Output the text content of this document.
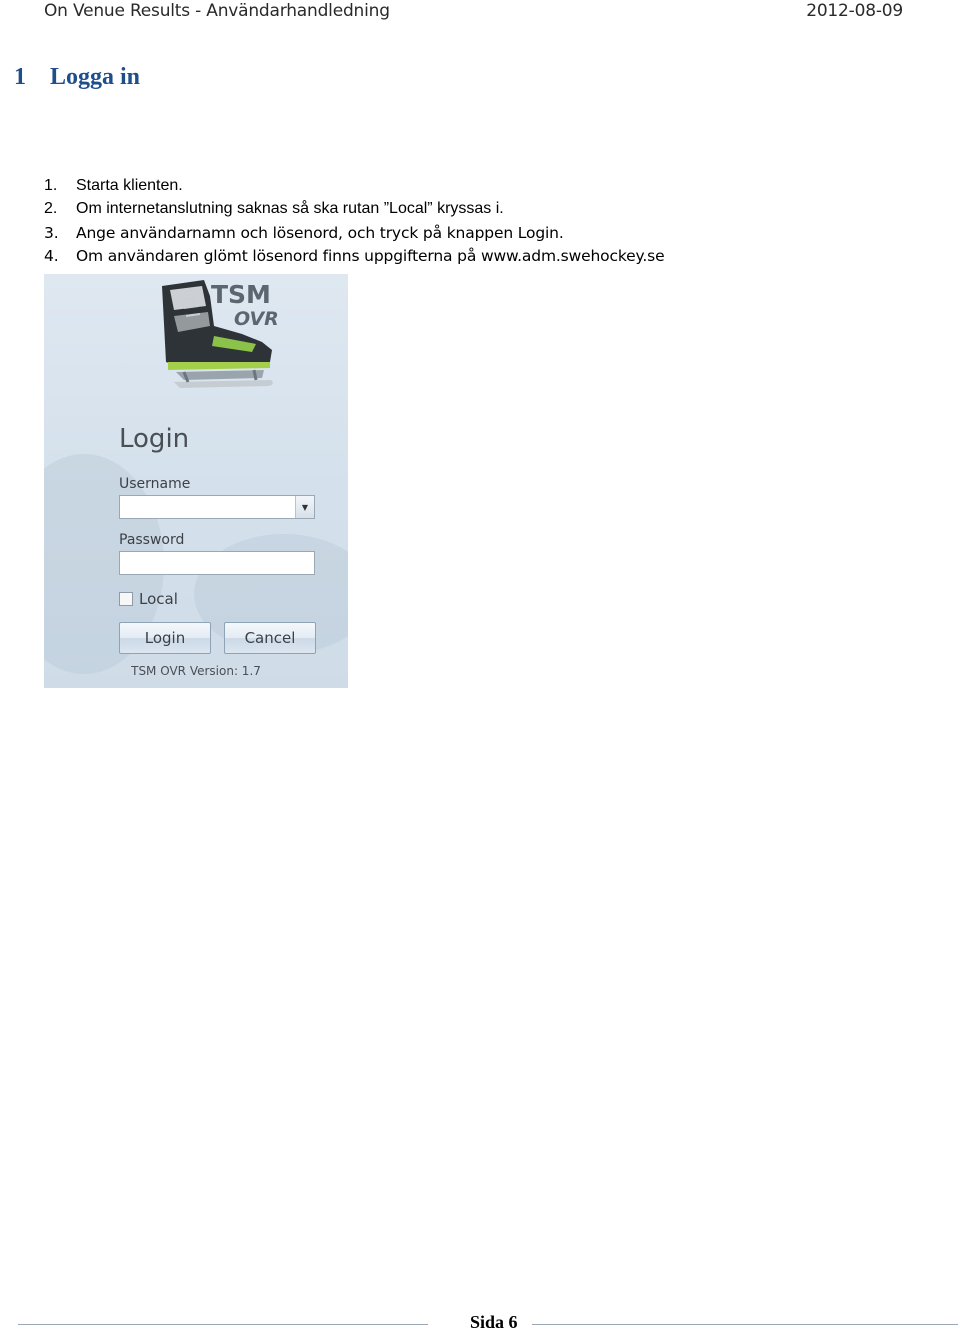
On Venue Results - Användarhandledning	2012-08-09
1 Logga in
1.	Starta klienten.
2.	Om internetanslutning saknas så ska rutan ”Local” kryssas i.
3.	Ange användarnamn och lösenord, och tryck på knappen Login.
4.	Om användaren glömt lösenord finns uppgifterna på www.adm.swehockey.se
TSM
OVR
Login
Username
▼
Password
Local
Login	Cancel
TSM OVR Version: 1.7
Sida 6
